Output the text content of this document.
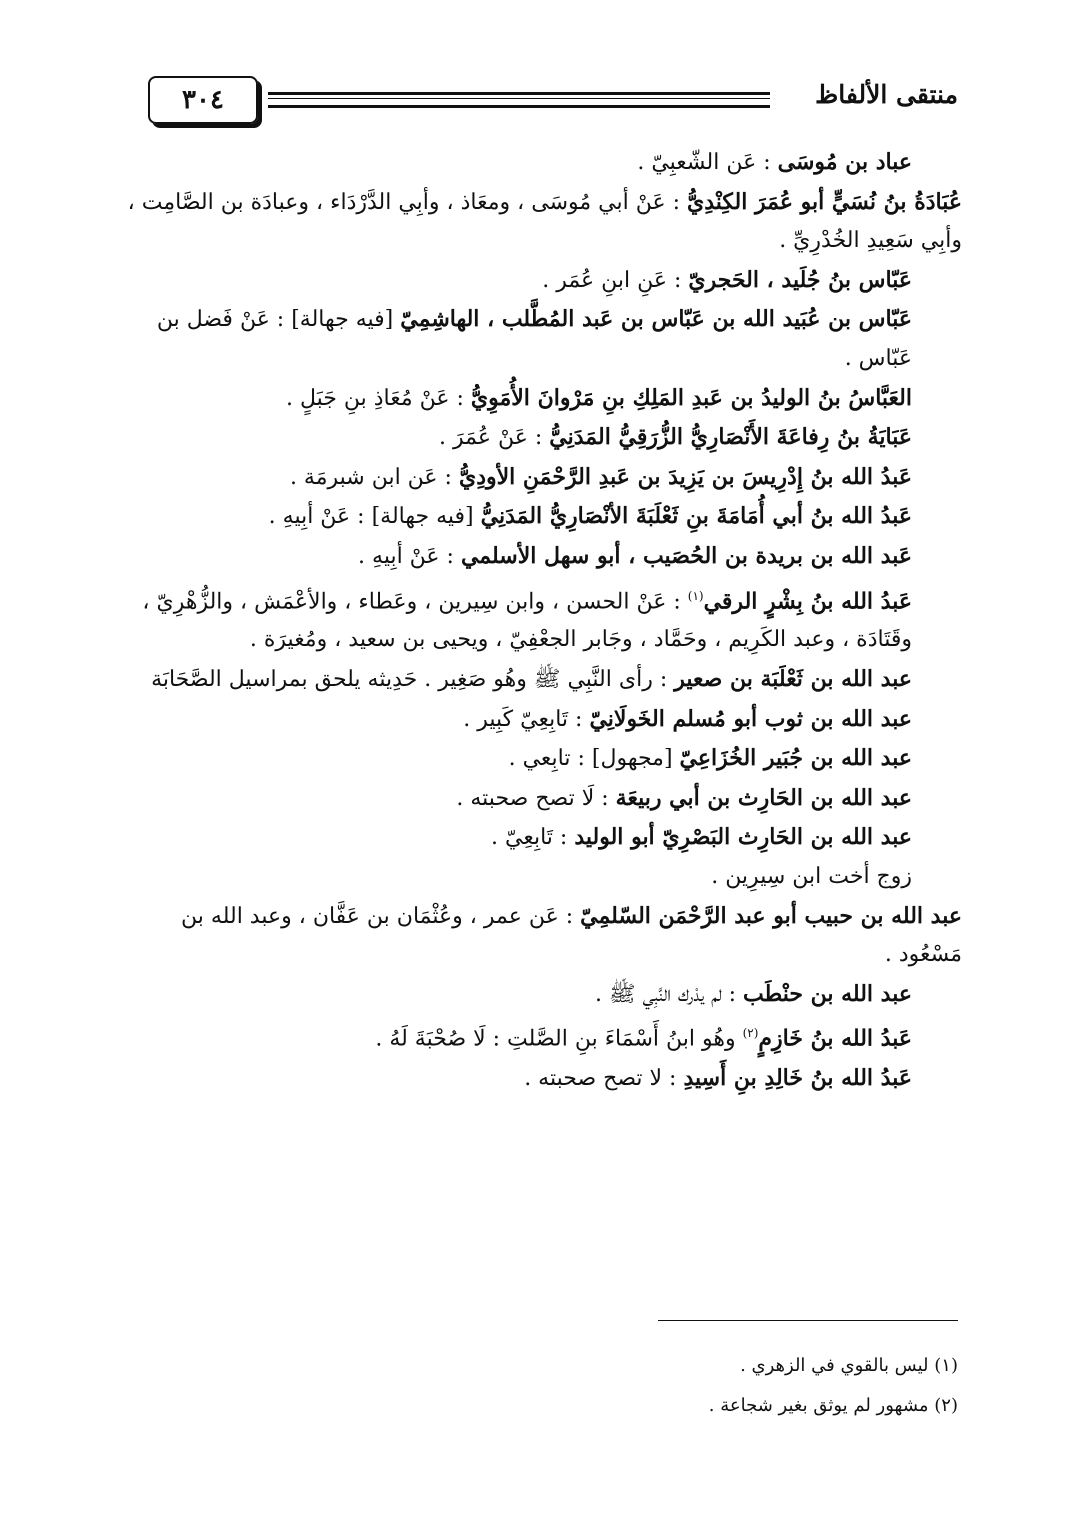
٣٠٤	منتقى الألفاظ

عباد بن مُوسَى : عَن الشّعبِيّ .

عُبَادَةُ بنُ نُسَيٍّ أبو عُمَرَ الكِنْدِيُّ : عَنْ أبي مُوسَى ، ومعَاذ ، وأبِي الدَّرْدَاء ، وعبادَة بن الصَّامِت ، وأبِي سَعِيدِ الخُدْرِيِّ .

عَبّاس بنُ جُلَيد ، الحَجريّ : عَنِ ابنِ عُمَر .

عَبّاس بن عُبَيد الله بن عَبّاس بن عَبد المُطَّلب ، الهاشِمِيّ [فيه جهالة] : عَنْ فَضل بن عَبّاس .

العَبَّاسُ بنُ الوليدُ بن عَبدِ المَلِكِ بنِ مَرْوانَ الأُمَوِيُّ : عَنْ مُعَاذِ بنِ جَبَلٍ .

عَبَايَةُ بنُ رِفاعَةَ الأَنْصَارِيُّ الزُّرَقِيُّ المَدَنِيُّ : عَنْ عُمَرَ .

عَبدُ الله بنُ إِدْرِيسَ بن يَزِيدَ بن عَبدِ الرَّحْمَنِ الأودِيُّ : عَن ابن شبرمَة .

عَبدُ الله بنُ أبي أُمَامَةَ بنِ ثَعْلَبَةَ الأنْصَارِيُّ المَدَنِيُّ [فيه جهالة] : عَنْ أبِيهِ .

عَبد الله بن بريدة بن الحُصَيب ، أبو سهل الأسلمي : عَنْ أبِيهِ .

عَبدُ الله بنُ بِشْرٍ الرقي$^{(١)}$ : عَنْ الحسن ، وابن سِيرين ، وعَطاء ، والأعْمَش ، والزُّهْرِيّ ، وقَتَادَة ، وعبد الكَرِيم ، وحَمَّاد ، وجَابر الجعْفِيّ ، ويحيى بن سعيد ، ومُغيرَة .

عبد الله بن ثَعْلَبَة بن صعير : رأى النَّبِي ﷺ وهُو صَغِير . حَدِيثه يلحق بمراسيل الصَّحَابَة

عبد الله بن ثوب أبو مُسلم الخَولَانِيّ : تَابِعِيّ كَبِير .

عبد الله بن جُبَير الخُزَاعِيّ [مجهول] : تابِعي .

عبد الله بن الحَارِث بن أبي ربيعَة : لَا تصح صحبته .

عبد الله بن الحَارِث البَصْرِيّ أبو الوليد : تَابِعِيّ .

زوج أخت ابن سِيرِين .

عبد الله بن حبيب أبو عبد الرَّحْمَن السّلمِيّ : عَن عمر ، وعُثْمَان بن عَفَّان ، وعبد الله بن مَسْعُود .

عبد الله بن حنْطَب : لم يدْرك النَّبِي ﷺ .

عَبدُ الله بنُ خَازِمٍ$^{(٢)}$ وهُو ابنُ أَسْمَاءَ بنِ الصَّلتِ : لَا صُحْبَةَ لَهُ .

عَبدُ الله بنُ خَالِدِ بنِ أَسِيدِ : لا تصح صحبته .

(١) ليس بالقوي في الزهري .
(٢) مشهور لم يوثق بغير شجاعة .
